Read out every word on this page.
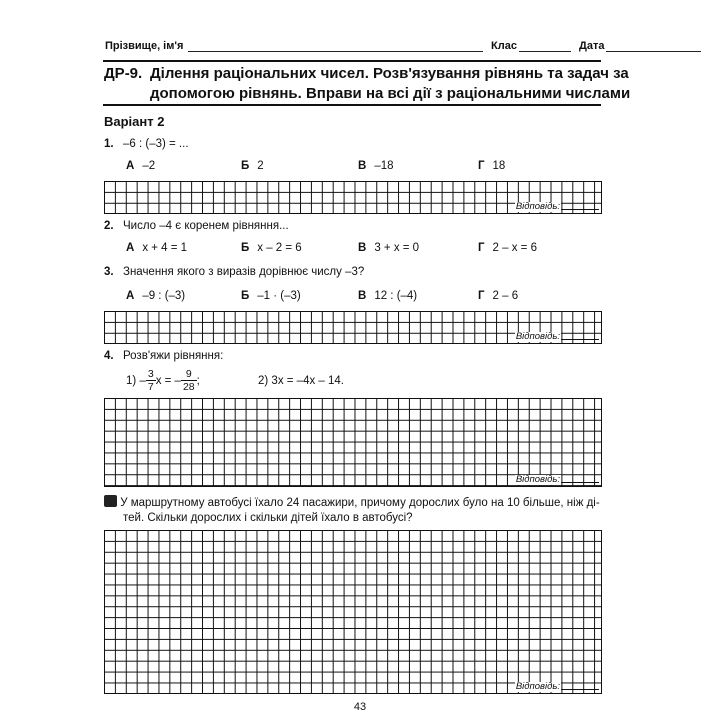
Прізвище, ім'я	Клас	Дата
ДР-9. Ділення раціональних чисел. Розв'язування рівнянь та задач за
допомогою рівнянь. Вправи на всі дії з раціональними числами
Варіант 2
1. –6 : (–3) = ...
А –2	Б 2	В –18	Г 18
Відповідь:
2. Число –4 є коренем рівняння...
А x + 4 = 1	Б x – 2 = 6	В 3 + x = 0	Г 2 – x = 6
3. Значення якого з виразів дорівнює числу –3?
А –9 : (–3)	Б –1 · (–3)	В 12 : (–4)	Г 2 – 6
Відповідь:
4. Розв'яжи рівняння:
$1) - \frac{3}{7}$ x = – $\frac{9}{28}$ ;	2) 3x = –4x – 14.
Відповідь:
У маршрутному автобусі їхало 24 пасажири, причому дорослих було на 10 більше, ніж ді-
тей. Скільки дорослих і скільки дітей їхало в автобусі?
Відповідь:
43
